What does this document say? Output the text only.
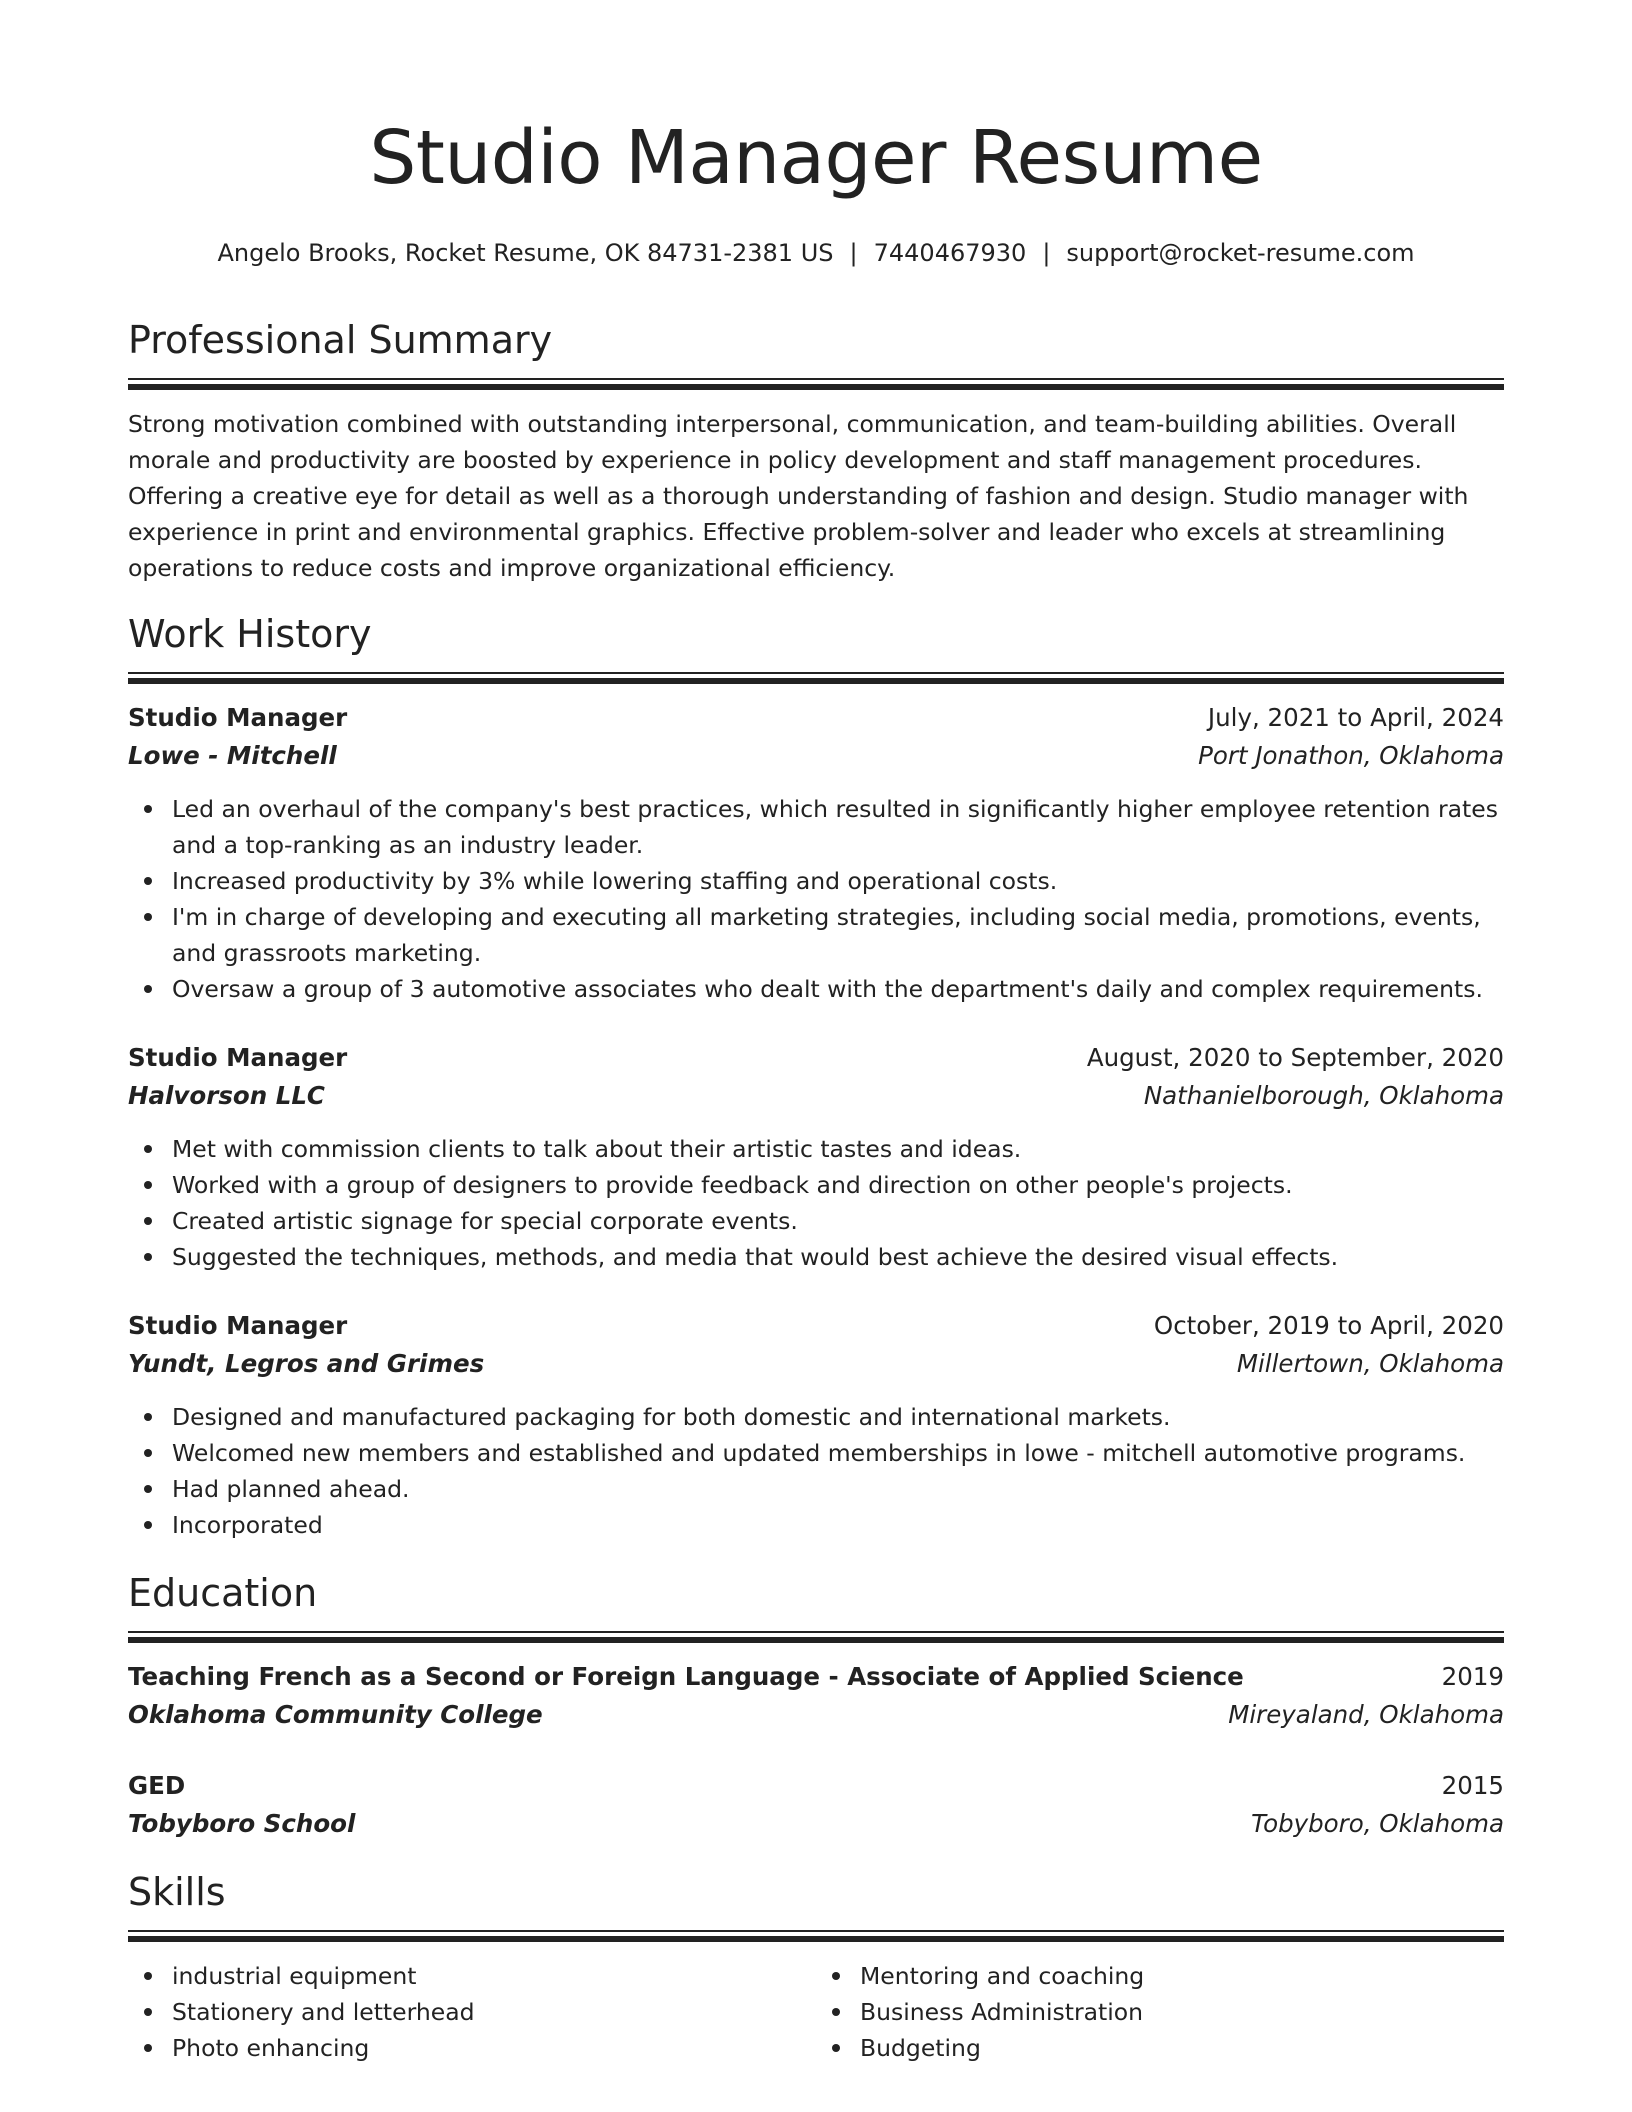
Studio Manager Resume
Angelo Brooks, Rocket Resume, OK 84731-2381 US | 7440467930 | support@rocket-resume.com
Professional Summary

Strong motivation combined with outstanding interpersonal, communication, and team-building abilities. Overall morale and productivity are boosted by experience in policy development and staff management procedures. Offering a creative eye for detail as well as a thorough understanding of fashion and design. Studio manager with experience in print and environmental graphics. Effective problem-solver and leader who excels at streamlining operations to reduce costs and improve organizational efficiency.

Work History
Studio Manager	July, 2021 to April, 2024
Lowe - Mitchell	Port Jonathon, Oklahoma
Led an overhaul of the company's best practices, which resulted in significantly higher employee retention rates and a top-ranking as an industry leader.
Increased productivity by 3% while lowering staffing and operational costs.
I'm in charge of developing and executing all marketing strategies, including social media, promotions, events, and grassroots marketing.
Oversaw a group of 3 automotive associates who dealt with the department's daily and complex requirements.
Studio Manager	August, 2020 to September, 2020
Halvorson LLC	Nathanielborough, Oklahoma
Met with commission clients to talk about their artistic tastes and ideas.
Worked with a group of designers to provide feedback and direction on other people's projects.
Created artistic signage for special corporate events.
Suggested the techniques, methods, and media that would best achieve the desired visual effects.
Studio Manager	October, 2019 to April, 2020
Yundt, Legros and Grimes	Millertown, Oklahoma
Designed and manufactured packaging for both domestic and international markets.
Welcomed new members and established and updated memberships in lowe - mitchell automotive programs.
Had planned ahead.
Incorporated
Education
Teaching French as a Second or Foreign Language - Associate of Applied Science	2019
Oklahoma Community College	Mireyaland, Oklahoma
GED	2015
Tobyboro School	Tobyboro, Oklahoma
Skills
industrial equipment
Stationery and letterhead
Photo enhancing
Mentoring and coaching
Business Administration
Budgeting
